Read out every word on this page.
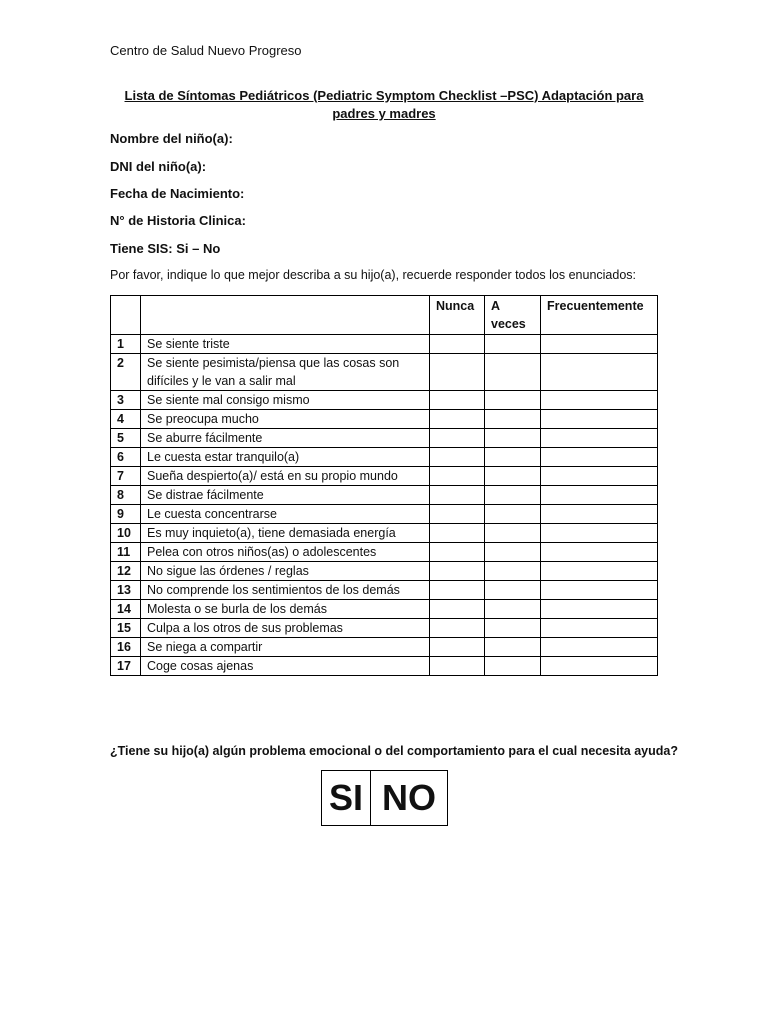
Centro de Salud Nuevo Progreso
Lista de Síntomas Pediátricos (Pediatric Symptom Checklist –PSC) Adaptación para padres y madres
Nombre del niño(a):
DNI del niño(a):
Fecha de Nacimiento:
N° de Historia Clinica:
Tiene SIS: Si – No
Por favor, indique lo que mejor describa a su hijo(a), recuerde responder todos los enunciados:
		Nunca	A veces	Frecuentemente
1	Se siente triste			
2	Se siente pesimista/piensa que las cosas son difíciles y le van a salir mal			
3	Se siente mal consigo mismo			
4	Se preocupa mucho			
5	Se aburre fácilmente			
6	Le cuesta estar tranquilo(a)			
7	Sueña despierto(a)/ está en su propio mundo			
8	Se distrae fácilmente			
9	Le cuesta concentrarse			
10	Es muy inquieto(a), tiene demasiada energía			
11	Pelea con otros niños(as) o adolescentes			
12	No sigue las órdenes / reglas			
13	No comprende los sentimientos de los demás			
14	Molesta o se burla de los demás			
15	Culpa a los otros de sus problemas			
16	Se niega a compartir			
17	Coge cosas ajenas			
¿Tiene su hijo(a) algún problema emocional o del comportamiento para el cual necesita ayuda?
SI	NO
